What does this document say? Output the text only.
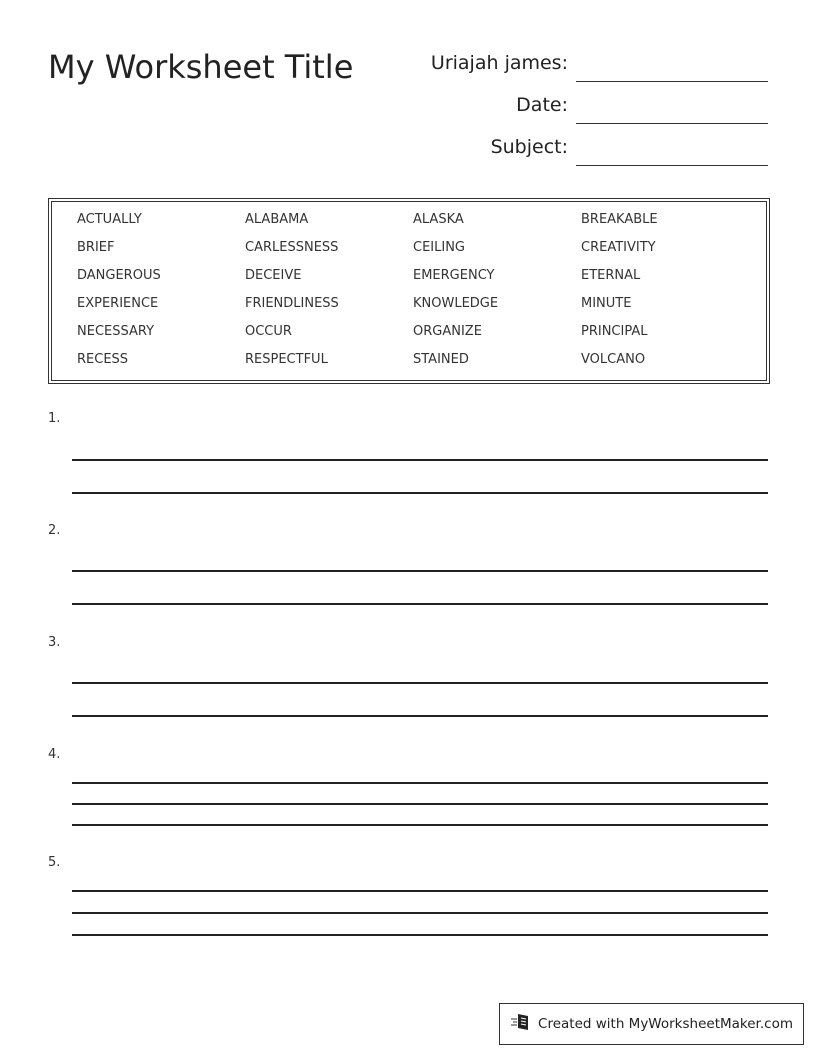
My Worksheet Title
ACTUALLY	ALABAMA	ALASKA	BREAKABLE
BRIEF	CARLESSNESS	CEILING	CREATIVITY
DANGEROUS	DECEIVE	EMERGENCY	ETERNAL
EXPERIENCE	FRIENDLINESS	KNOWLEDGE	MINUTE
NECESSARY	OCCUR	ORGANIZE	PRINCIPAL
RECESS	RESPECTFUL	STAINED	VOLCANO
Created with MyWorksheetMaker.com
Uriajah james:
Date:
Subject:
1.
2.
3.
4.
5.
